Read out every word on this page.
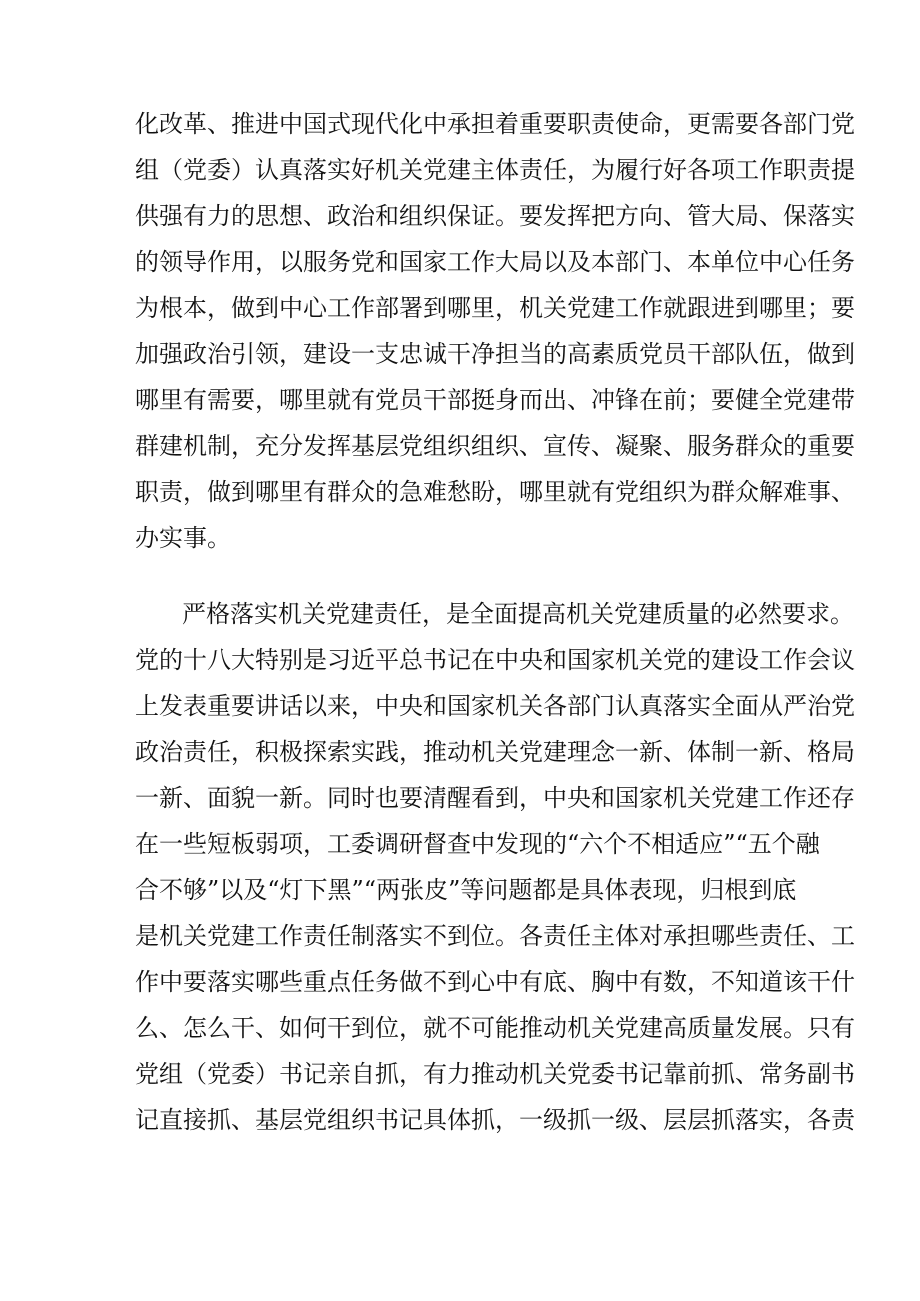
化改革、推进中国式现代化中承担着重要职责使命，更需要各部门党
组（党委）认真落实好机关党建主体责任，为履行好各项工作职责提
供强有力的思想、政治和组织保证。要发挥把方向、管大局、保落实
的领导作用，以服务党和国家工作大局以及本部门、本单位中心任务
为根本，做到中心工作部署到哪里，机关党建工作就跟进到哪里；要
加强政治引领，建设一支忠诚干净担当的高素质党员干部队伍，做到
哪里有需要，哪里就有党员干部挺身而出、冲锋在前；要健全党建带
群建机制，充分发挥基层党组织组织、宣传、凝聚、服务群众的重要
职责，做到哪里有群众的急难愁盼，哪里就有党组织为群众解难事、
办实事。
严格落实机关党建责任，是全面提高机关党建质量的必然要求。
党的十八大特别是习近平总书记在中央和国家机关党的建设工作会议
上发表重要讲话以来，中央和国家机关各部门认真落实全面从严治党
政治责任，积极探索实践，推动机关党建理念一新、体制一新、格局
一新、面貌一新。同时也要清醒看到，中央和国家机关党建工作还存
在一些短板弱项，工委调研督查中发现的“六个不相适应”“五个融
合不够”以及“灯下黑”“两张皮”等问题都是具体表现，归根到底
是机关党建工作责任制落实不到位。各责任主体对承担哪些责任、工
作中要落实哪些重点任务做不到心中有底、胸中有数，不知道该干什
么、怎么干、如何干到位，就不可能推动机关党建高质量发展。只有
党组（党委）书记亲自抓，有力推动机关党委书记靠前抓、常务副书
记直接抓、基层党组织书记具体抓，一级抓一级、层层抓落实，各责
